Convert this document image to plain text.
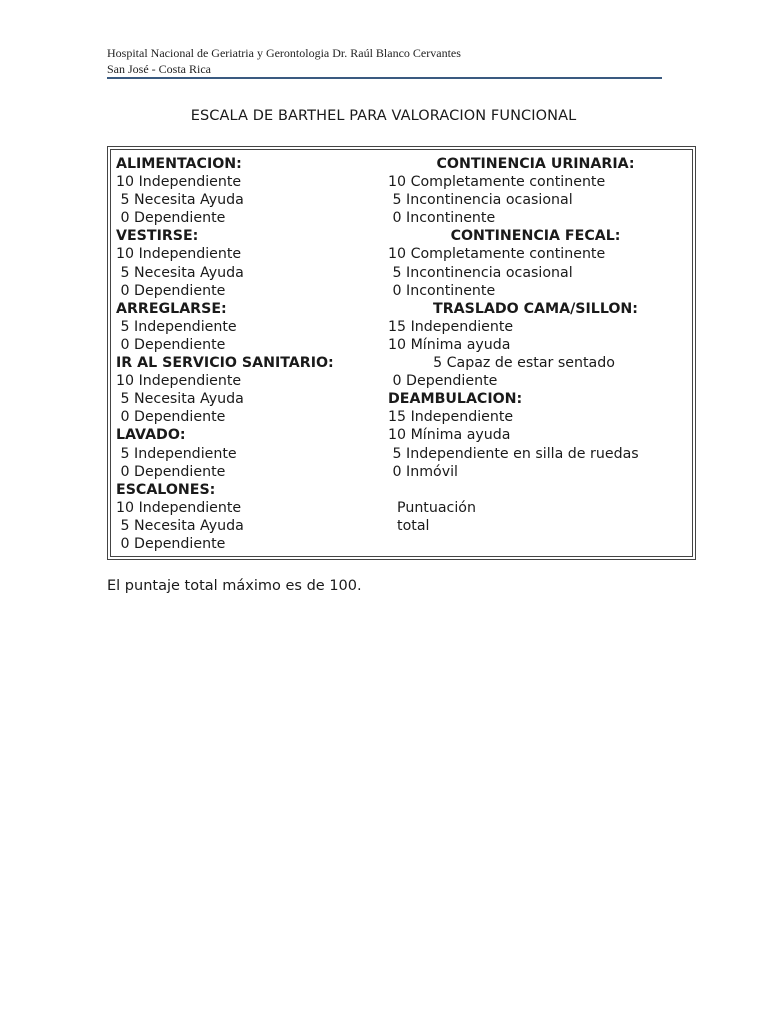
Hospital Nacional de Geriatria y Gerontologia Dr. Raúl Blanco Cervantes
San José - Costa Rica
ESCALA DE BARTHEL PARA VALORACION FUNCIONAL
ALIMENTACION:
10 Independiente
5 Necesita Ayuda
0 Dependiente
VESTIRSE:
10 Independiente
5 Necesita Ayuda
0 Dependiente
ARREGLARSE:
5 Independiente
0 Dependiente
IR AL SERVICIO SANITARIO:
10 Independiente
5 Necesita Ayuda
0 Dependiente
LAVADO:
5 Independiente
0 Dependiente
ESCALONES:
10 Independiente
5 Necesita Ayuda
0 Dependiente
CONTINENCIA URINARIA:
10 Completamente continente
5 Incontinencia ocasional
0 Incontinente
CONTINENCIA FECAL:
10 Completamente continente
5 Incontinencia ocasional
0 Incontinente
TRASLADO CAMA/SILLON:
15 Independiente
10 Mínima ayuda
5 Capaz de estar sentado
0 Dependiente
DEAMBULACION:
15 Independiente
10 Mínima ayuda
5 Independiente en silla de ruedas
0 Inmóvil
Puntuación
total
El puntaje total máximo es de 100.
